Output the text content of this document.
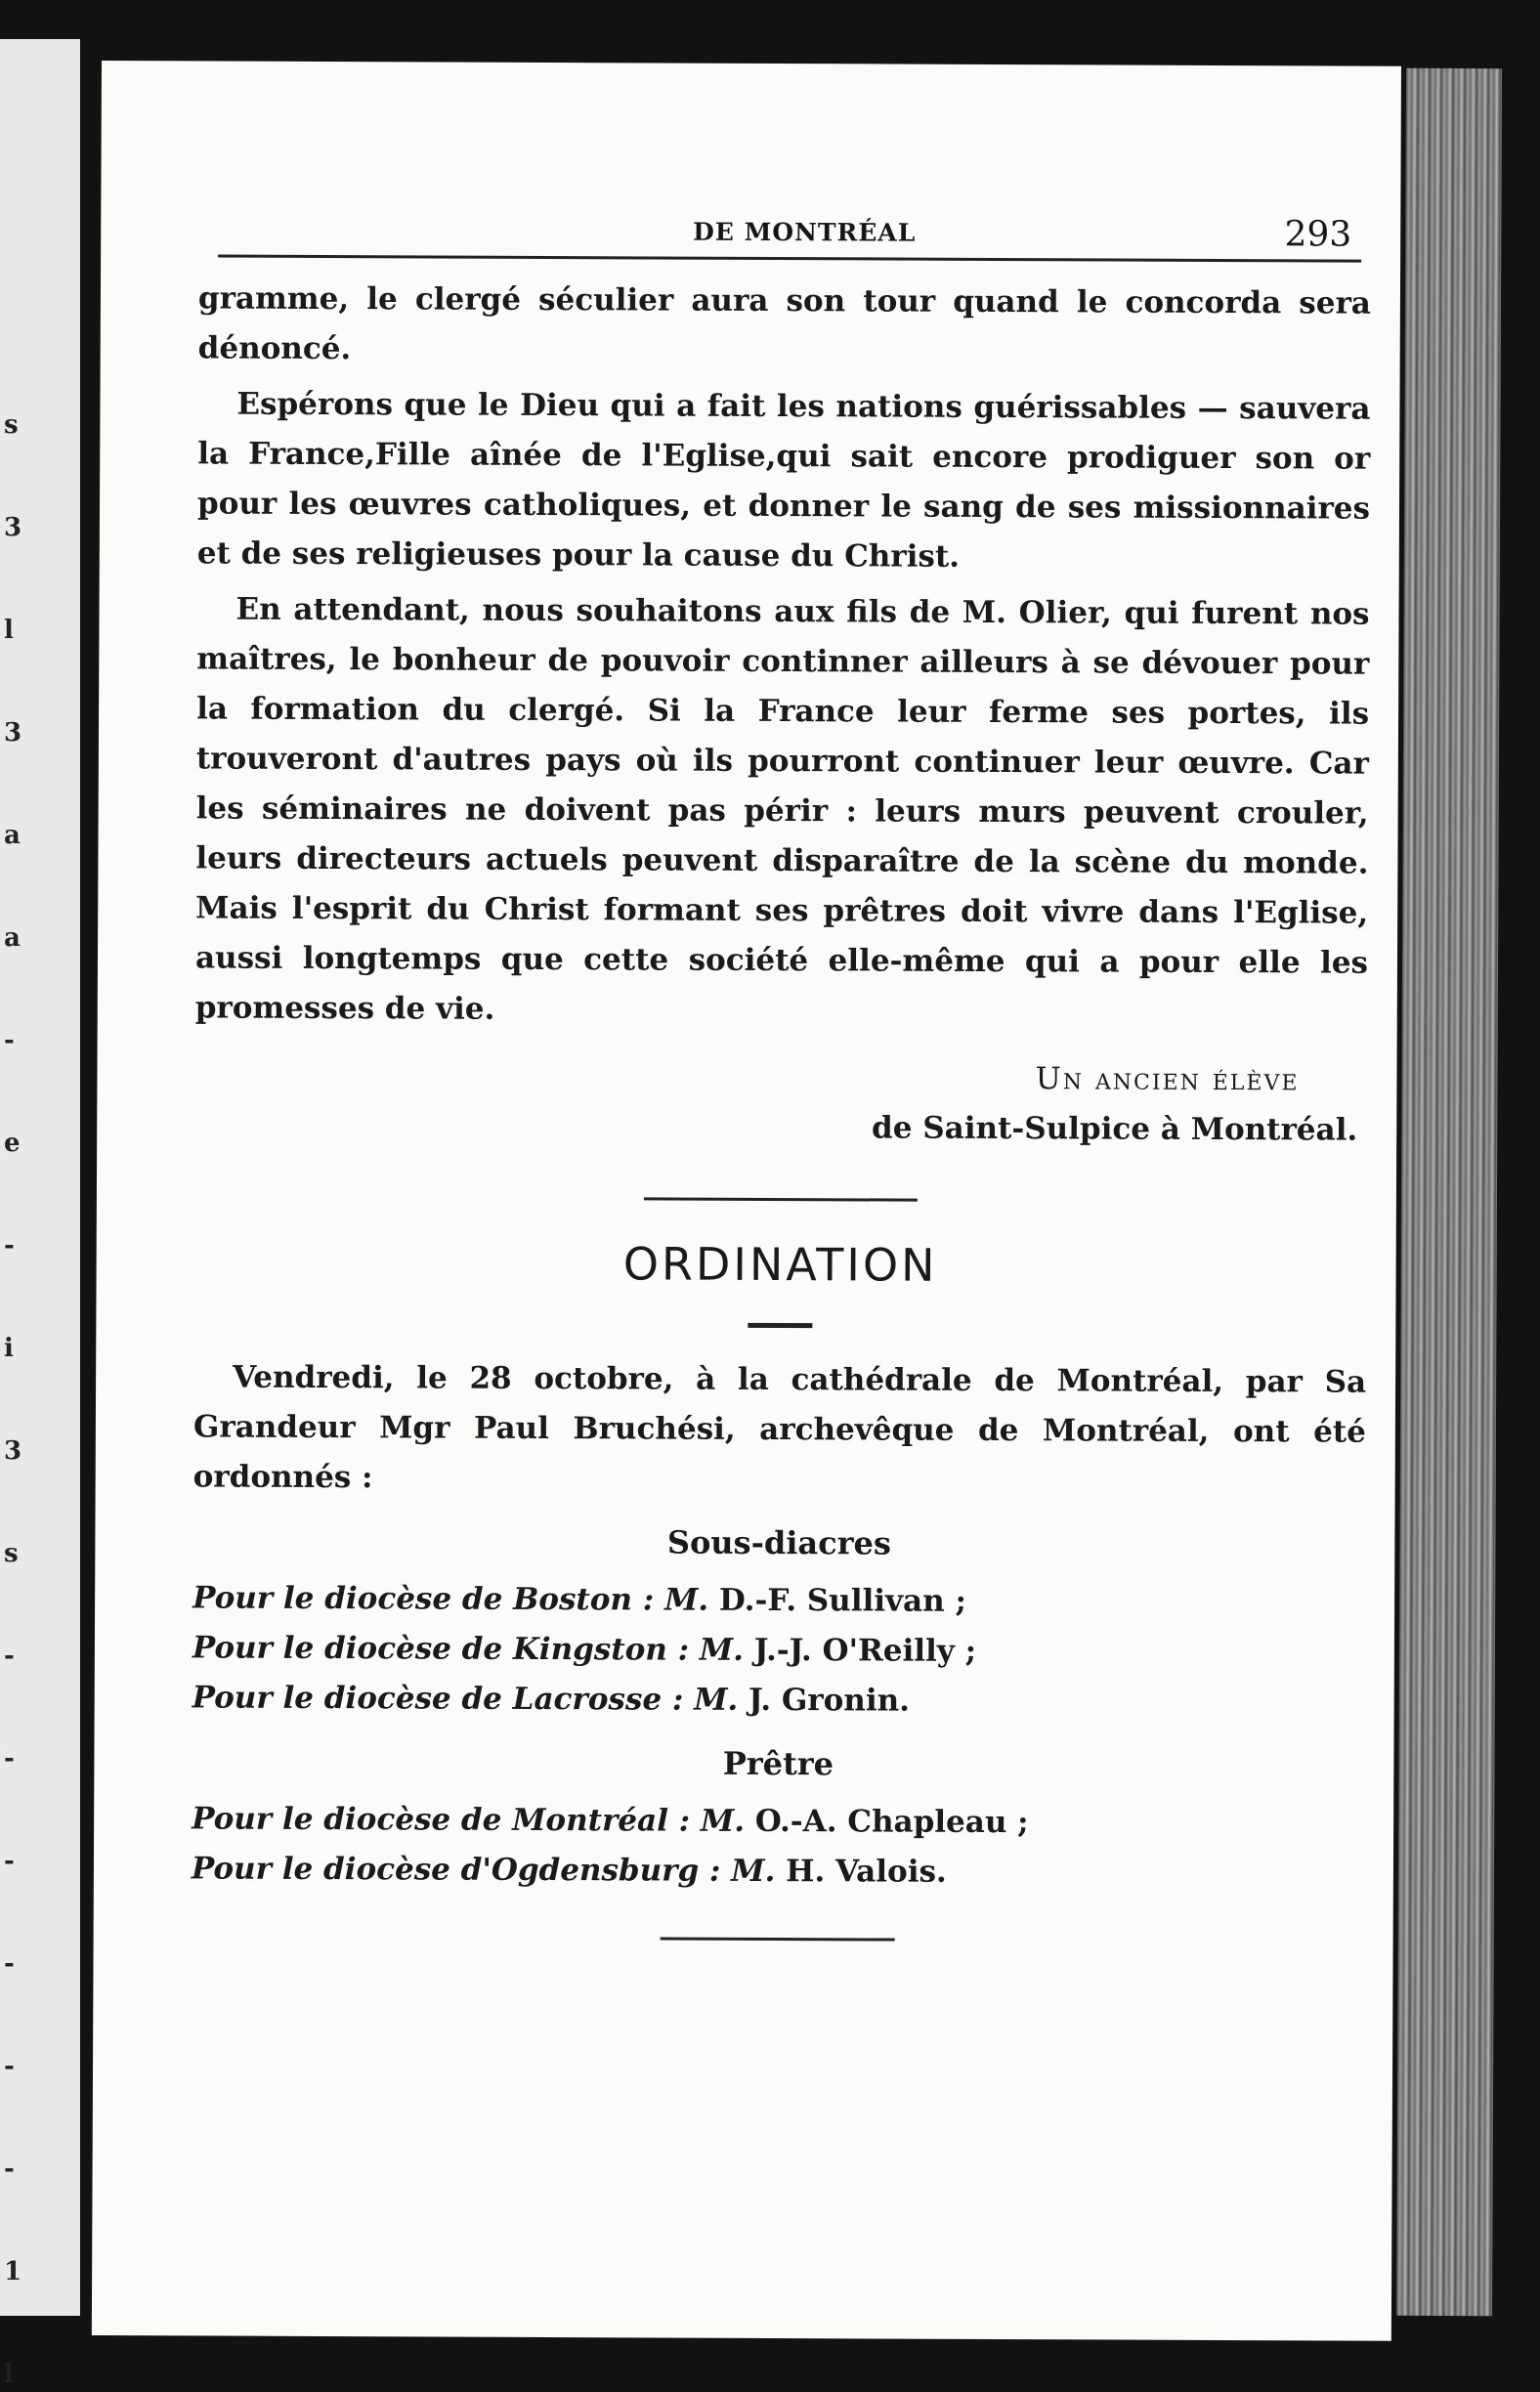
s
3
l
3
a
a
-
e
-
i
3
s
-
-
-
-
-
-
1
l
DE MONTRÉAL	293

gramme, le clergé séculier aura son tour quand le concorda sera dénoncé.

Espérons que le Dieu qui a fait les nations guérissables — sauvera la France,Fille aînée de l'Eglise,qui sait encore prodiguer son or pour les œuvres catholiques, et donner le sang de ses missionnaires et de ses religieuses pour la cause du Christ.

En attendant, nous souhaitons aux fils de M. Olier, qui furent nos maîtres, le bonheur de pouvoir continner ailleurs à se dévouer pour la formation du clergé. Si la France leur ferme ses portes, ils trouveront d'autres pays où ils pourront continuer leur œuvre. Car les séminaires ne doivent pas périr : leurs murs peuvent crouler, leurs directeurs actuels peuvent disparaître de la scène du monde. Mais l'esprit du Christ formant ses prêtres doit vivre dans l'Eglise, aussi longtemps que cette société elle-même qui a pour elle les promesses de vie.

Un ancien élève
de Saint-Sulpice à Montréal.
ORDINATION

Vendredi, le 28 octobre, à la cathédrale de Montréal, par Sa Grandeur Mgr Paul Bruchési, archevêque de Montréal, ont été ordonnés :

Sous-diacres
Pour le diocèse de Boston : M. D.-F. Sullivan ;
Pour le diocèse de Kingston : M. J.-J. O'Reilly ;
Pour le diocèse de Lacrosse : M. J. Gronin.
Prêtre
Pour le diocèse de Montréal : M. O.-A. Chapleau ;
Pour le diocèse d'Ogdensburg : M. H. Valois.
